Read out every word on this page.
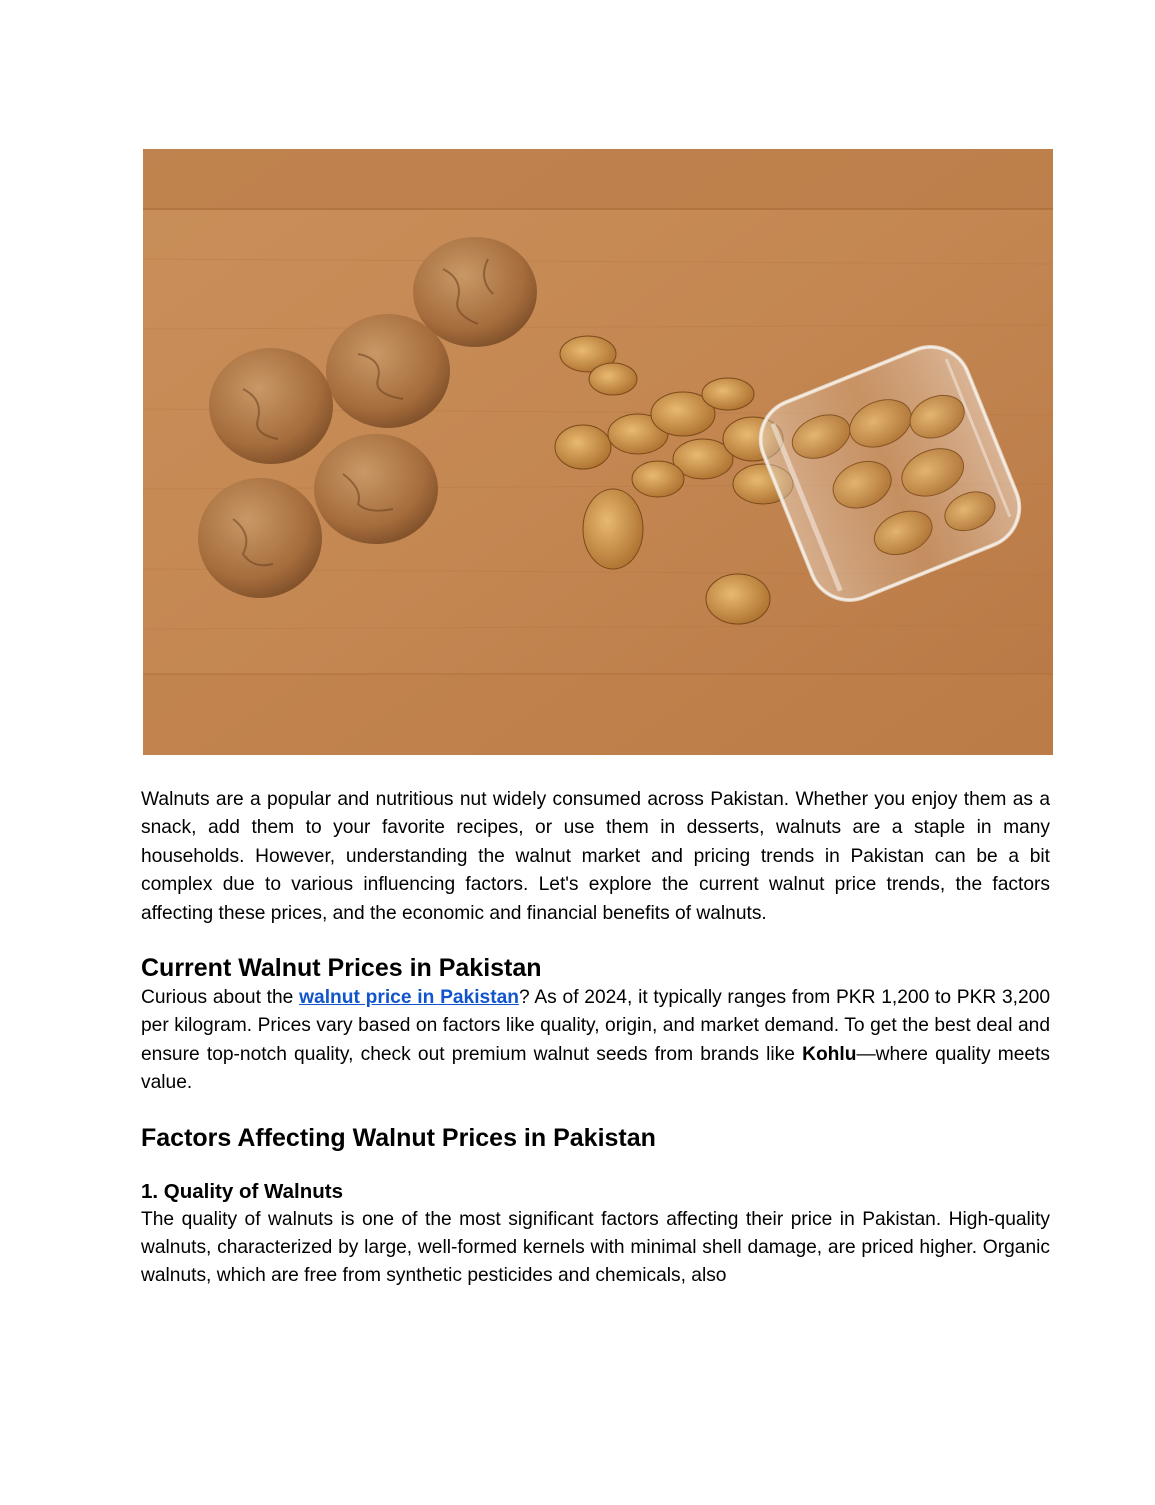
Walnuts are a popular and nutritious nut widely consumed across Pakistan. Whether you enjoy them as a snack, add them to your favorite recipes, or use them in desserts, walnuts are a staple in many households. However, understanding the walnut market and pricing trends in Pakistan can be a bit complex due to various influencing factors. Let's explore the current walnut price trends, the factors affecting these prices, and the economic and financial benefits of walnuts.

Current Walnut Prices in Pakistan

Curious about the walnut price in Pakistan? As of 2024, it typically ranges from PKR 1,200 to PKR 3,200 per kilogram. Prices vary based on factors like quality, origin, and market demand. To get the best deal and ensure top-notch quality, check out premium walnut seeds from brands like Kohlu—where quality meets value.

Factors Affecting Walnut Prices in Pakistan
1. Quality of Walnuts

The quality of walnuts is one of the most significant factors affecting their price in Pakistan. High-quality walnuts, characterized by large, well-formed kernels with minimal shell damage, are priced higher. Organic walnuts, which are free from synthetic pesticides and chemicals, also
